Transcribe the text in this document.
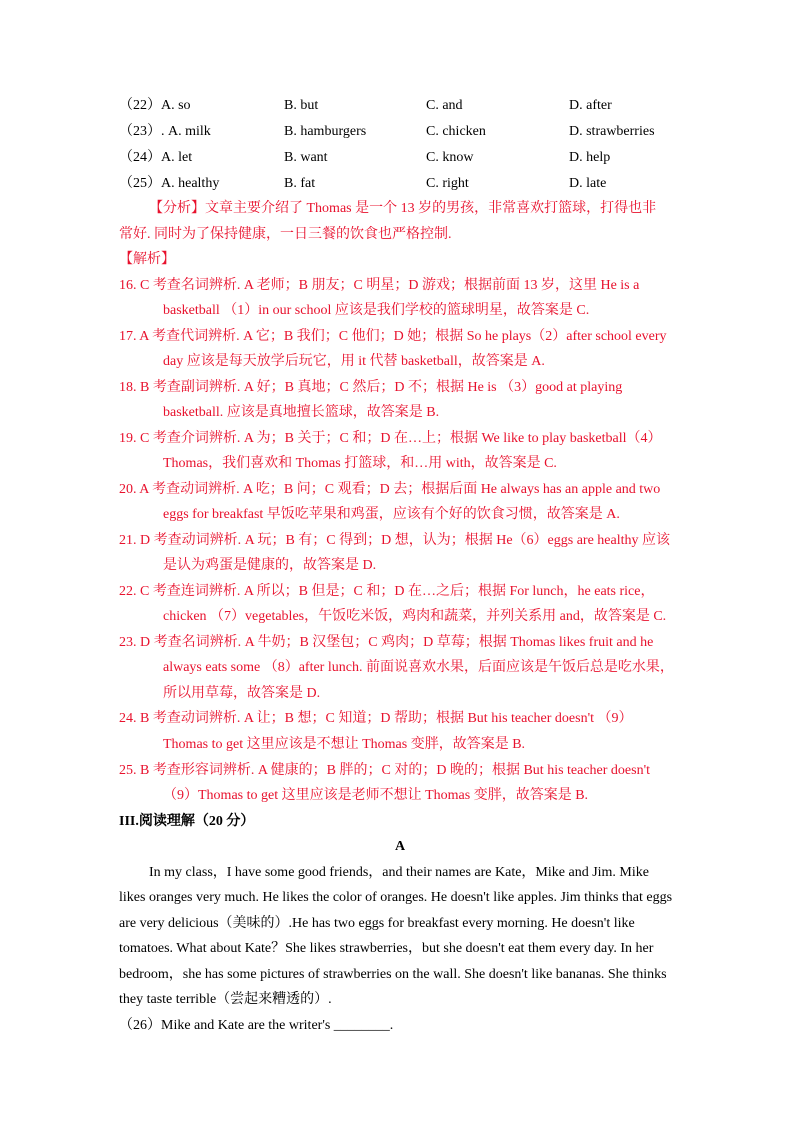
（22）A. so	B. but	C. and	D. after
（23）. A. milk	B. hamburgers	C. chicken	D. strawberries
（24）A. let	B. want	C. know	D. help
（25）A. healthy	B. fat	C. right	D. late
【分析】文章主要介绍了 Thomas 是一个 13 岁的男孩，非常喜欢打篮球，打得也非
常好. 同时为了保持健康，一日三餐的饮食也严格控制.
【解析】
16. C 考查名词辨析. A 老师；B 朋友；C 明星；D 游戏；根据前面 13 岁，这里 He is a
basketball （1）in our school 应该是我们学校的篮球明星，故答案是 C.
17. A 考查代词辨析. A 它；B 我们；C 他们；D 她；根据 So he plays（2）after school every
day 应该是每天放学后玩它，用 it 代替 basketball，故答案是 A.
18. B 考查副词辨析. A 好；B 真地；C 然后；D 不；根据 He is （3）good at playing
basketball. 应该是真地擅长篮球，故答案是 B.
19. C 考查介词辨析. A 为；B 关于；C 和；D 在…上；根据 We like to play basketball（4）
Thomas，我们喜欢和 Thomas 打篮球，和…用 with，故答案是 C.
20. A 考查动词辨析. A 吃；B 问；C 观看；D 去；根据后面 He always has an apple and two
eggs for breakfast 早饭吃苹果和鸡蛋，应该有个好的饮食习惯，故答案是 A.
21. D 考查动词辨析. A 玩；B 有；C 得到；D 想，认为；根据 He（6）eggs are healthy 应该
是认为鸡蛋是健康的，故答案是 D.
22. C 考查连词辨析. A 所以；B 但是；C 和；D 在…之后；根据 For lunch，he eats rice，
chicken （7）vegetables，午饭吃米饭，鸡肉和蔬菜，并列关系用 and，故答案是 C.
23. D 考查名词辨析. A 牛奶；B 汉堡包；C 鸡肉；D 草莓；根据 Thomas likes fruit and he
always eats some （8）after lunch. 前面说喜欢水果，后面应该是午饭后总是吃水果，
所以用草莓，故答案是 D.
24. B 考查动词辨析. A 让；B 想；C 知道；D 帮助；根据 But his teacher doesn't （9）
Thomas to get 这里应该是不想让 Thomas 变胖，故答案是 B.
25. B 考查形容词辨析. A 健康的；B 胖的；C 对的；D 晚的；根据 But his teacher doesn't
（9）Thomas to get 这里应该是老师不想让 Thomas 变胖，故答案是 B.
III.阅读理解（20 分）
A
In my class，I have some good friends，and their names are Kate，Mike and Jim. Mike
likes oranges very much. He likes the color of oranges. He doesn't like apples. Jim thinks that eggs
are very delicious（美味的）.He has two eggs for breakfast every morning. He doesn't like
tomatoes. What about Kate？She likes strawberries，but she doesn't eat them every day. In her
bedroom，she has some pictures of strawberries on the wall. She doesn't like bananas. She thinks
they taste terrible（尝起来糟透的）.
（26）Mike and Kate are the writer's ________.
